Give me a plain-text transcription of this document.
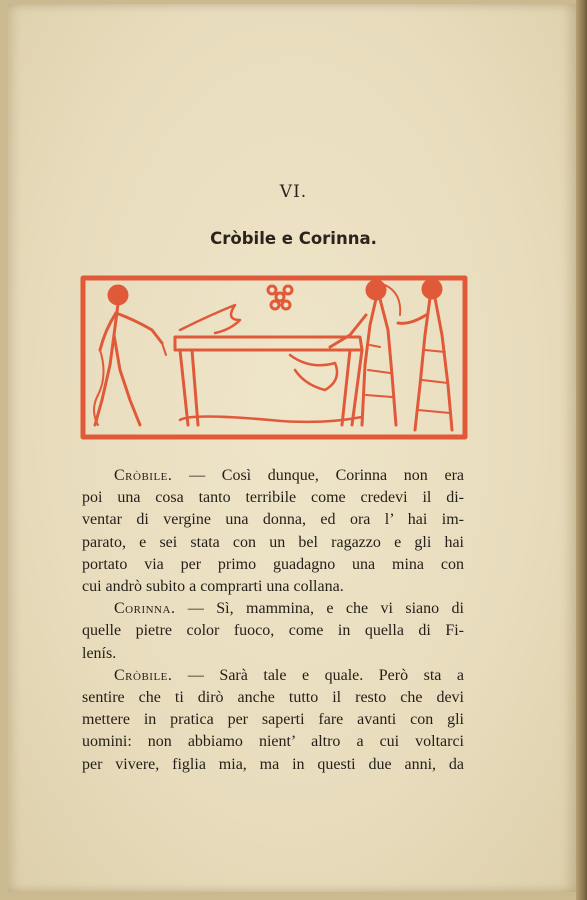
VI.
Cròbile e Corinna.

Cròbile. — Così dunque, Corinna non era
poi una cosa tanto terribile come credevi il di-
ventar di vergine una donna, ed ora l’ hai im-
parato, e sei stata con un bel ragazzo e gli hai
portato via per primo guadagno una mina con
cui andrò subito a comprarti una collana.

Corinna. — Sì, mammina, e che vi siano di
quelle pietre color fuoco, come in quella di Fi-
lenís.

Cròbile. — Sarà tale e quale. Però sta a
sentire che ti dirò anche tutto il resto che devi
mettere in pratica per saperti fare avanti con gli
uomini: non abbiamo nient’ altro a cui voltarci
per vivere, figlia mia, ma in questi due anni, da
